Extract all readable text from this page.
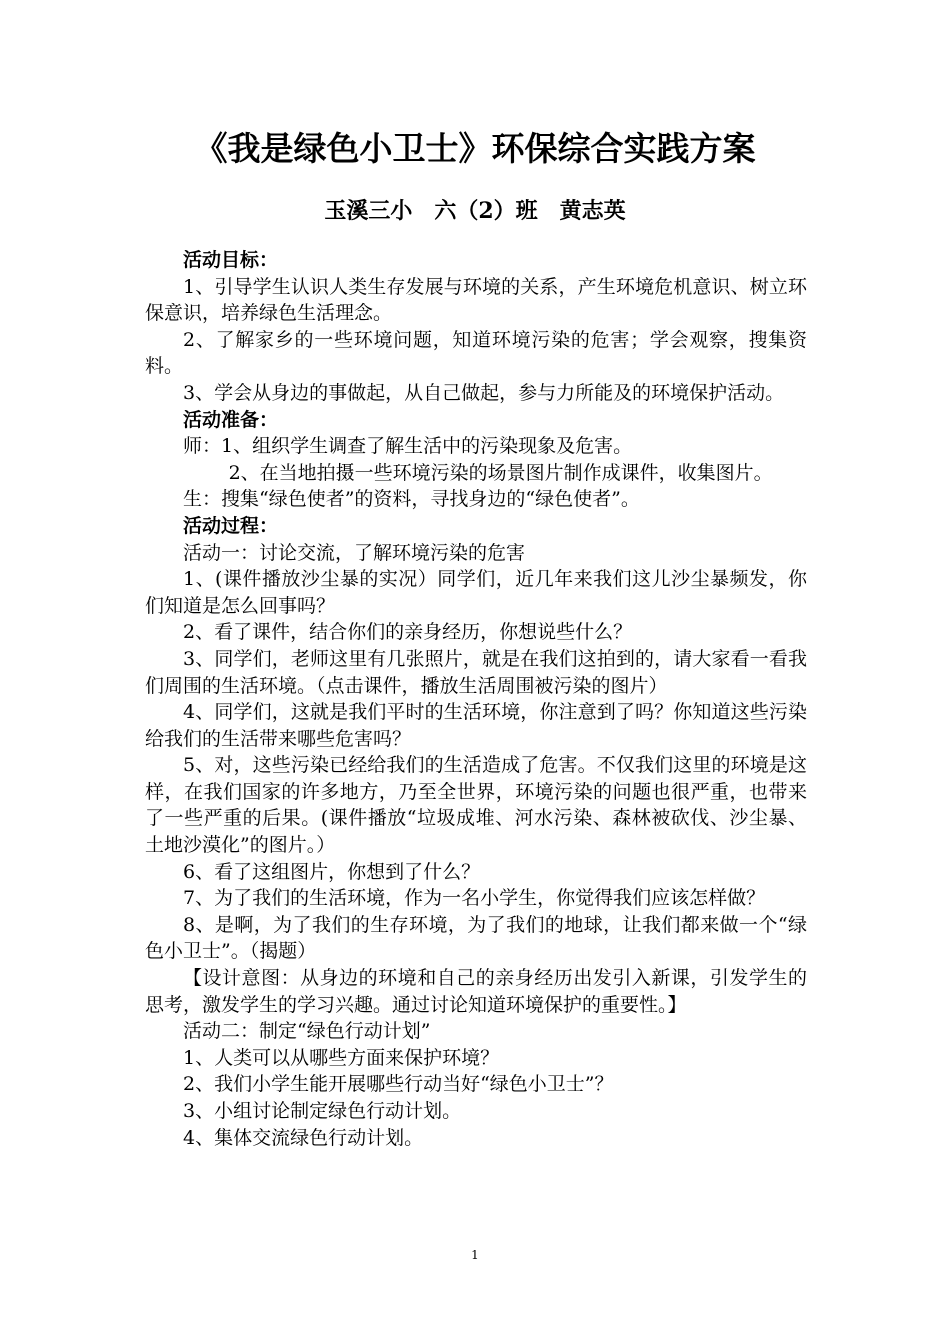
《我是绿色小卫士》环保综合实践方案
玉溪三小　六（2）班　黄志英

活动目标：

1、引导学生认识人类生存发展与环境的关系，产生环境危机意识、树立环保意识，培养绿色生活理念。

2、了解家乡的一些环境问题，知道环境污染的危害；学会观察，搜集资料。

3、学会从身边的事做起，从自己做起，参与力所能及的环境保护活动。

活动准备：

师：1、组织学生调查了解生活中的污染现象及危害。

2、在当地拍摄一些环境污染的场景图片制作成课件，收集图片。

生：搜集“绿色使者”的资料，寻找身边的“绿色使者”。

活动过程：

活动一：讨论交流，了解环境污染的危害

1、(课件播放沙尘暴的实况）同学们，近几年来我们这儿沙尘暴频发，你们知道是怎么回事吗？

2、看了课件，结合你们的亲身经历，你想说些什么？

3、同学们，老师这里有几张照片，就是在我们这拍到的，请大家看一看我们周围的生活环境。（点击课件，播放生活周围被污染的图片）

4、同学们，这就是我们平时的生活环境，你注意到了吗？你知道这些污染给我们的生活带来哪些危害吗？

5、对，这些污染已经给我们的生活造成了危害。不仅我们这里的环境是这样，在我们国家的许多地方，乃至全世界，环境污染的问题也很严重，也带来了一些严重的后果。(课件播放“垃圾成堆、河水污染、森林被砍伐、沙尘暴、土地沙漠化”的图片。）

6、看了这组图片，你想到了什么？

7、为了我们的生活环境，作为一名小学生，你觉得我们应该怎样做？

8、是啊，为了我们的生存环境，为了我们的地球，让我们都来做一个“绿色小卫士”。（揭题）

【设计意图：从身边的环境和自己的亲身经历出发引入新课，引发学生的思考，激发学生的学习兴趣。通过讨论知道环境保护的重要性。】

活动二：制定“绿色行动计划”

1、人类可以从哪些方面来保护环境？

2、我们小学生能开展哪些行动当好“绿色小卫士”？

3、小组讨论制定绿色行动计划。

4、集体交流绿色行动计划。

1
